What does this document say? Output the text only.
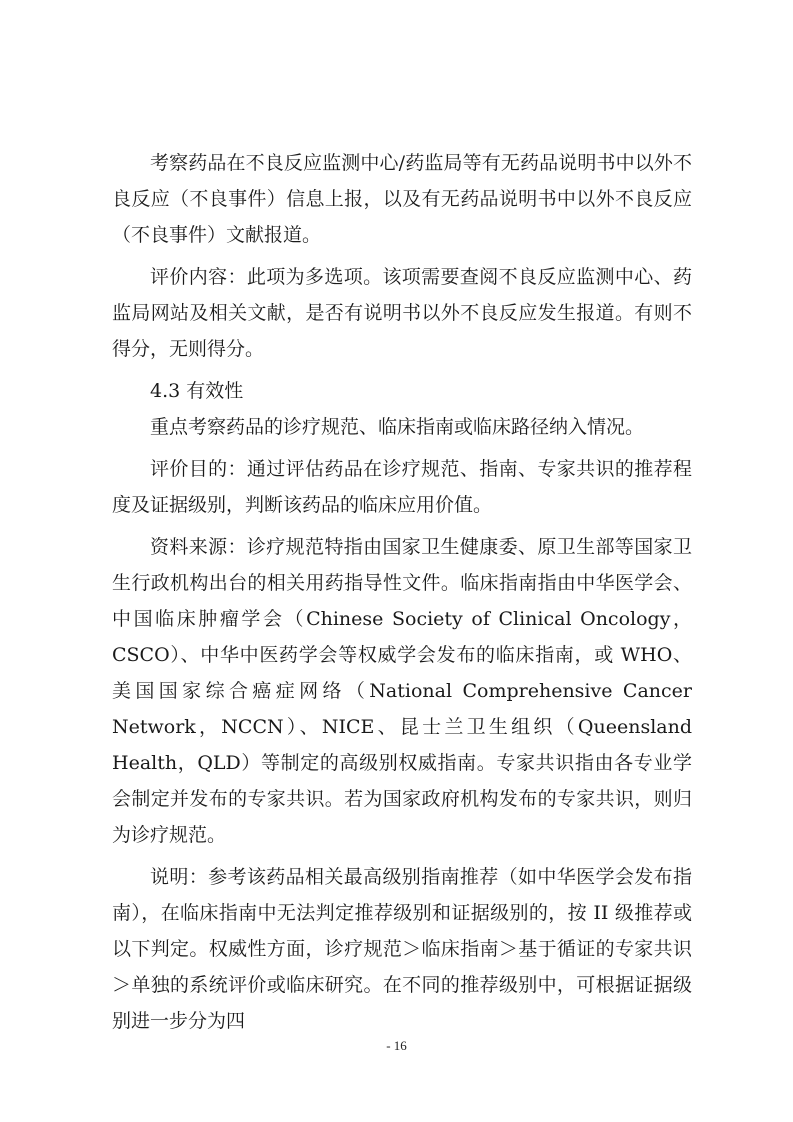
考察药品在不良反应监测中心/药监局等有无药品说明书中以外不良反应（不良事件）信息上报，以及有无药品说明书中以外不良反应（不良事件）文献报道。

评价内容：此项为多选项。该项需要查阅不良反应监测中心、药监局网站及相关文献，是否有说明书以外不良反应发生报道。有则不得分，无则得分。

4.3 有效性

重点考察药品的诊疗规范、临床指南或临床路径纳入情况。

评价目的：通过评估药品在诊疗规范、指南、专家共识的推荐程度及证据级别，判断该药品的临床应用价值。

资料来源：诊疗规范特指由国家卫生健康委、原卫生部等国家卫生行政机构出台的相关用药指导性文件。临床指南指由中华医学会、中国临床肿瘤学会（Chinese Society of Clinical Oncology，CSCO）、中华中医药学会等权威学会发布的临床指南，或 WHO、美国国家综合癌症网络（National Comprehensive Cancer Network，NCCN）、NICE、昆士兰卫生组织（Queensland Health，QLD）等制定的高级别权威指南。专家共识指由各专业学会制定并发布的专家共识。若为国家政府机构发布的专家共识，则归为诊疗规范。

说明：参考该药品相关最高级别指南推荐（如中华医学会发布指南），在临床指南中无法判定推荐级别和证据级别的，按 II 级推荐或以下判定。权威性方面，诊疗规范＞临床指南＞基于循证的专家共识＞单独的系统评价或临床研究。在不同的推荐级别中，可根据证据级别进一步分为四

- 16
